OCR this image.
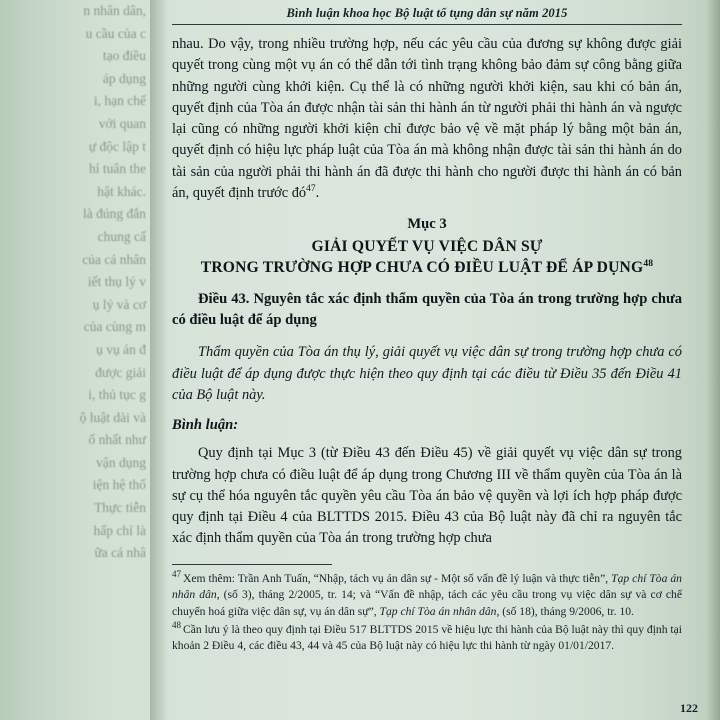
n nhân dân,
u cầu của c
tạo điều
áp dụng
i, hạn chế
với quan
ự độc lập t
hỉ tuân the
hật khác.
là đúng đắn
chung cấ
của cá nhân
iết thụ lý v
ụ lý và cơ
của cùng m
ụ vụ án đ
được giải
i, thủ tục g
ộ luật dài và
ố nhất như
vận dụng
iện hệ thố
Thực tiễn
hấp chỉ là
ữa cá nhâ
Bình luận khoa học Bộ luật tố tụng dân sự năm 2015

nhau. Do vậy, trong nhiều trường hợp, nếu các yêu cầu của đương sự không được giải quyết trong cùng một vụ án có thể dẫn tới tình trạng không bảo đảm sự công bằng giữa những người cùng khởi kiện. Cụ thể là có những người khởi kiện, sau khi có bản án, quyết định của Tòa án được nhận tài sản thi hành án từ người phải thi hành án và ngược lại cũng có những người khởi kiện chỉ được bảo vệ về mặt pháp lý bằng một bản án, quyết định có hiệu lực pháp luật của Tòa án mà không nhận được tài sản thi hành án do tài sản của người phải thi hành án đã được thi hành cho người được thi hành án có bản án, quyết định trước $đó^{47}$.

Mục 3
GIẢI QUYẾT VỤ VIỆC DÂN SỰ
TRONG TRƯỜNG HỢP CHƯA CÓ ĐIỀU LUẬT ĐỂ ÁP DỤNG$^{48}$
Điều 43. Nguyên tắc xác định thẩm quyền của Tòa án trong trường hợp chưa có điều luật để áp dụng
Thẩm quyền của Tòa án thụ lý, giải quyết vụ việc dân sự trong trường hợp chưa có điều luật để áp dụng được thực hiện theo quy định tại các điều từ Điều 35 đến Điều 41 của Bộ luật này.
Bình luận:

Quy định tại Mục 3 (từ Điều 43 đến Điều 45) về giải quyết vụ việc dân sự trong trường hợp chưa có điều luật để áp dụng trong Chương III về thẩm quyền của Tòa án là sự cụ thể hóa nguyên tắc quyền yêu cầu Tòa án bảo vệ quyền và lợi ích hợp pháp được quy định tại Điều 4 của BLTTDS 2015. Điều 43 của Bộ luật này đã chỉ ra nguyên tắc xác định thẩm quyền của Tòa án trong trường hợp chưa

$^{47}$ Xem thêm: Trần Anh Tuấn, “Nhập, tách vụ án dân sự - Một số vấn đề lý luận và thực tiễn”, Tạp chí Tòa án nhân dân, (số 3), tháng 2/2005, tr. 14; và “Vấn đề nhập, tách các yêu cầu trong vụ việc dân sự và cơ chế chuyển hoá giữa việc dân sự, vụ án dân sự”, Tạp chí Tòa án nhân dân, (số 18), tháng 9/2006, tr. 10.

$^{48}$ Cần lưu ý là theo quy định tại Điều 517 BLTTDS 2015 về hiệu lực thi hành của Bộ luật này thì quy định tại khoản 2 Điều 4, các điều 43, 44 và 45 của Bộ luật này có hiệu lực thi hành từ ngày 01/01/2017.

122
